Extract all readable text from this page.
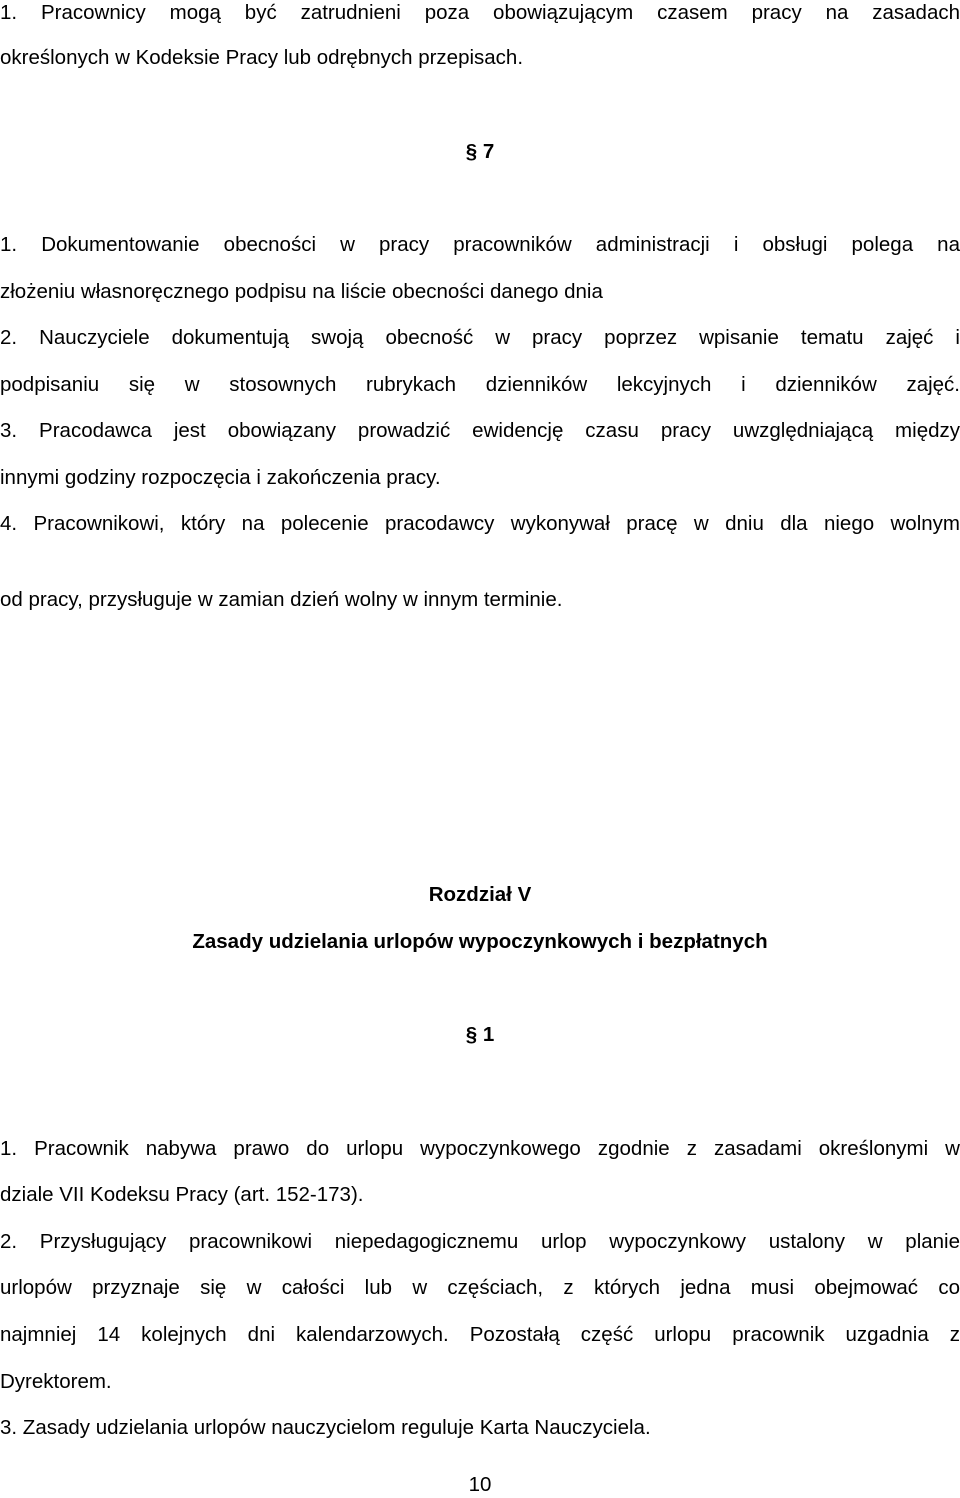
1. Pracownicy mogą być zatrudnieni poza obowiązującym czasem pracy na zasadach
określonych w Kodeksie Pracy lub odrębnych przepisach.
§ 7
1. Dokumentowanie obecności w pracy pracowników administracji i obsługi polega na
złożeniu własnoręcznego podpisu na liście obecności danego dnia
2. Nauczyciele dokumentują swoją obecność w pracy poprzez wpisanie tematu zajęć i
podpisaniu się w stosownych rubrykach dzienników lekcyjnych i dzienników zajęć.
3. Pracodawca jest obowiązany prowadzić ewidencję czasu pracy uwzględniającą między
innymi godziny rozpoczęcia i zakończenia pracy.
4. Pracownikowi, który na polecenie pracodawcy wykonywał pracę w dniu dla niego wolnym
od pracy, przysługuje w zamian dzień wolny w innym terminie.
Rozdział V
Zasady udzielania urlopów wypoczynkowych i bezpłatnych
§ 1
1. Pracownik nabywa prawo do urlopu wypoczynkowego zgodnie z zasadami określonymi w
dziale VII Kodeksu Pracy (art. 152-173).
2. Przysługujący pracownikowi niepedagogicznemu urlop wypoczynkowy ustalony w planie
urlopów przyznaje się w całości lub w częściach, z których jedna musi obejmować co
najmniej 14 kolejnych dni kalendarzowych. Pozostałą część urlopu pracownik uzgadnia z
Dyrektorem.
3. Zasady udzielania urlopów nauczycielom reguluje Karta Nauczyciela.
10
